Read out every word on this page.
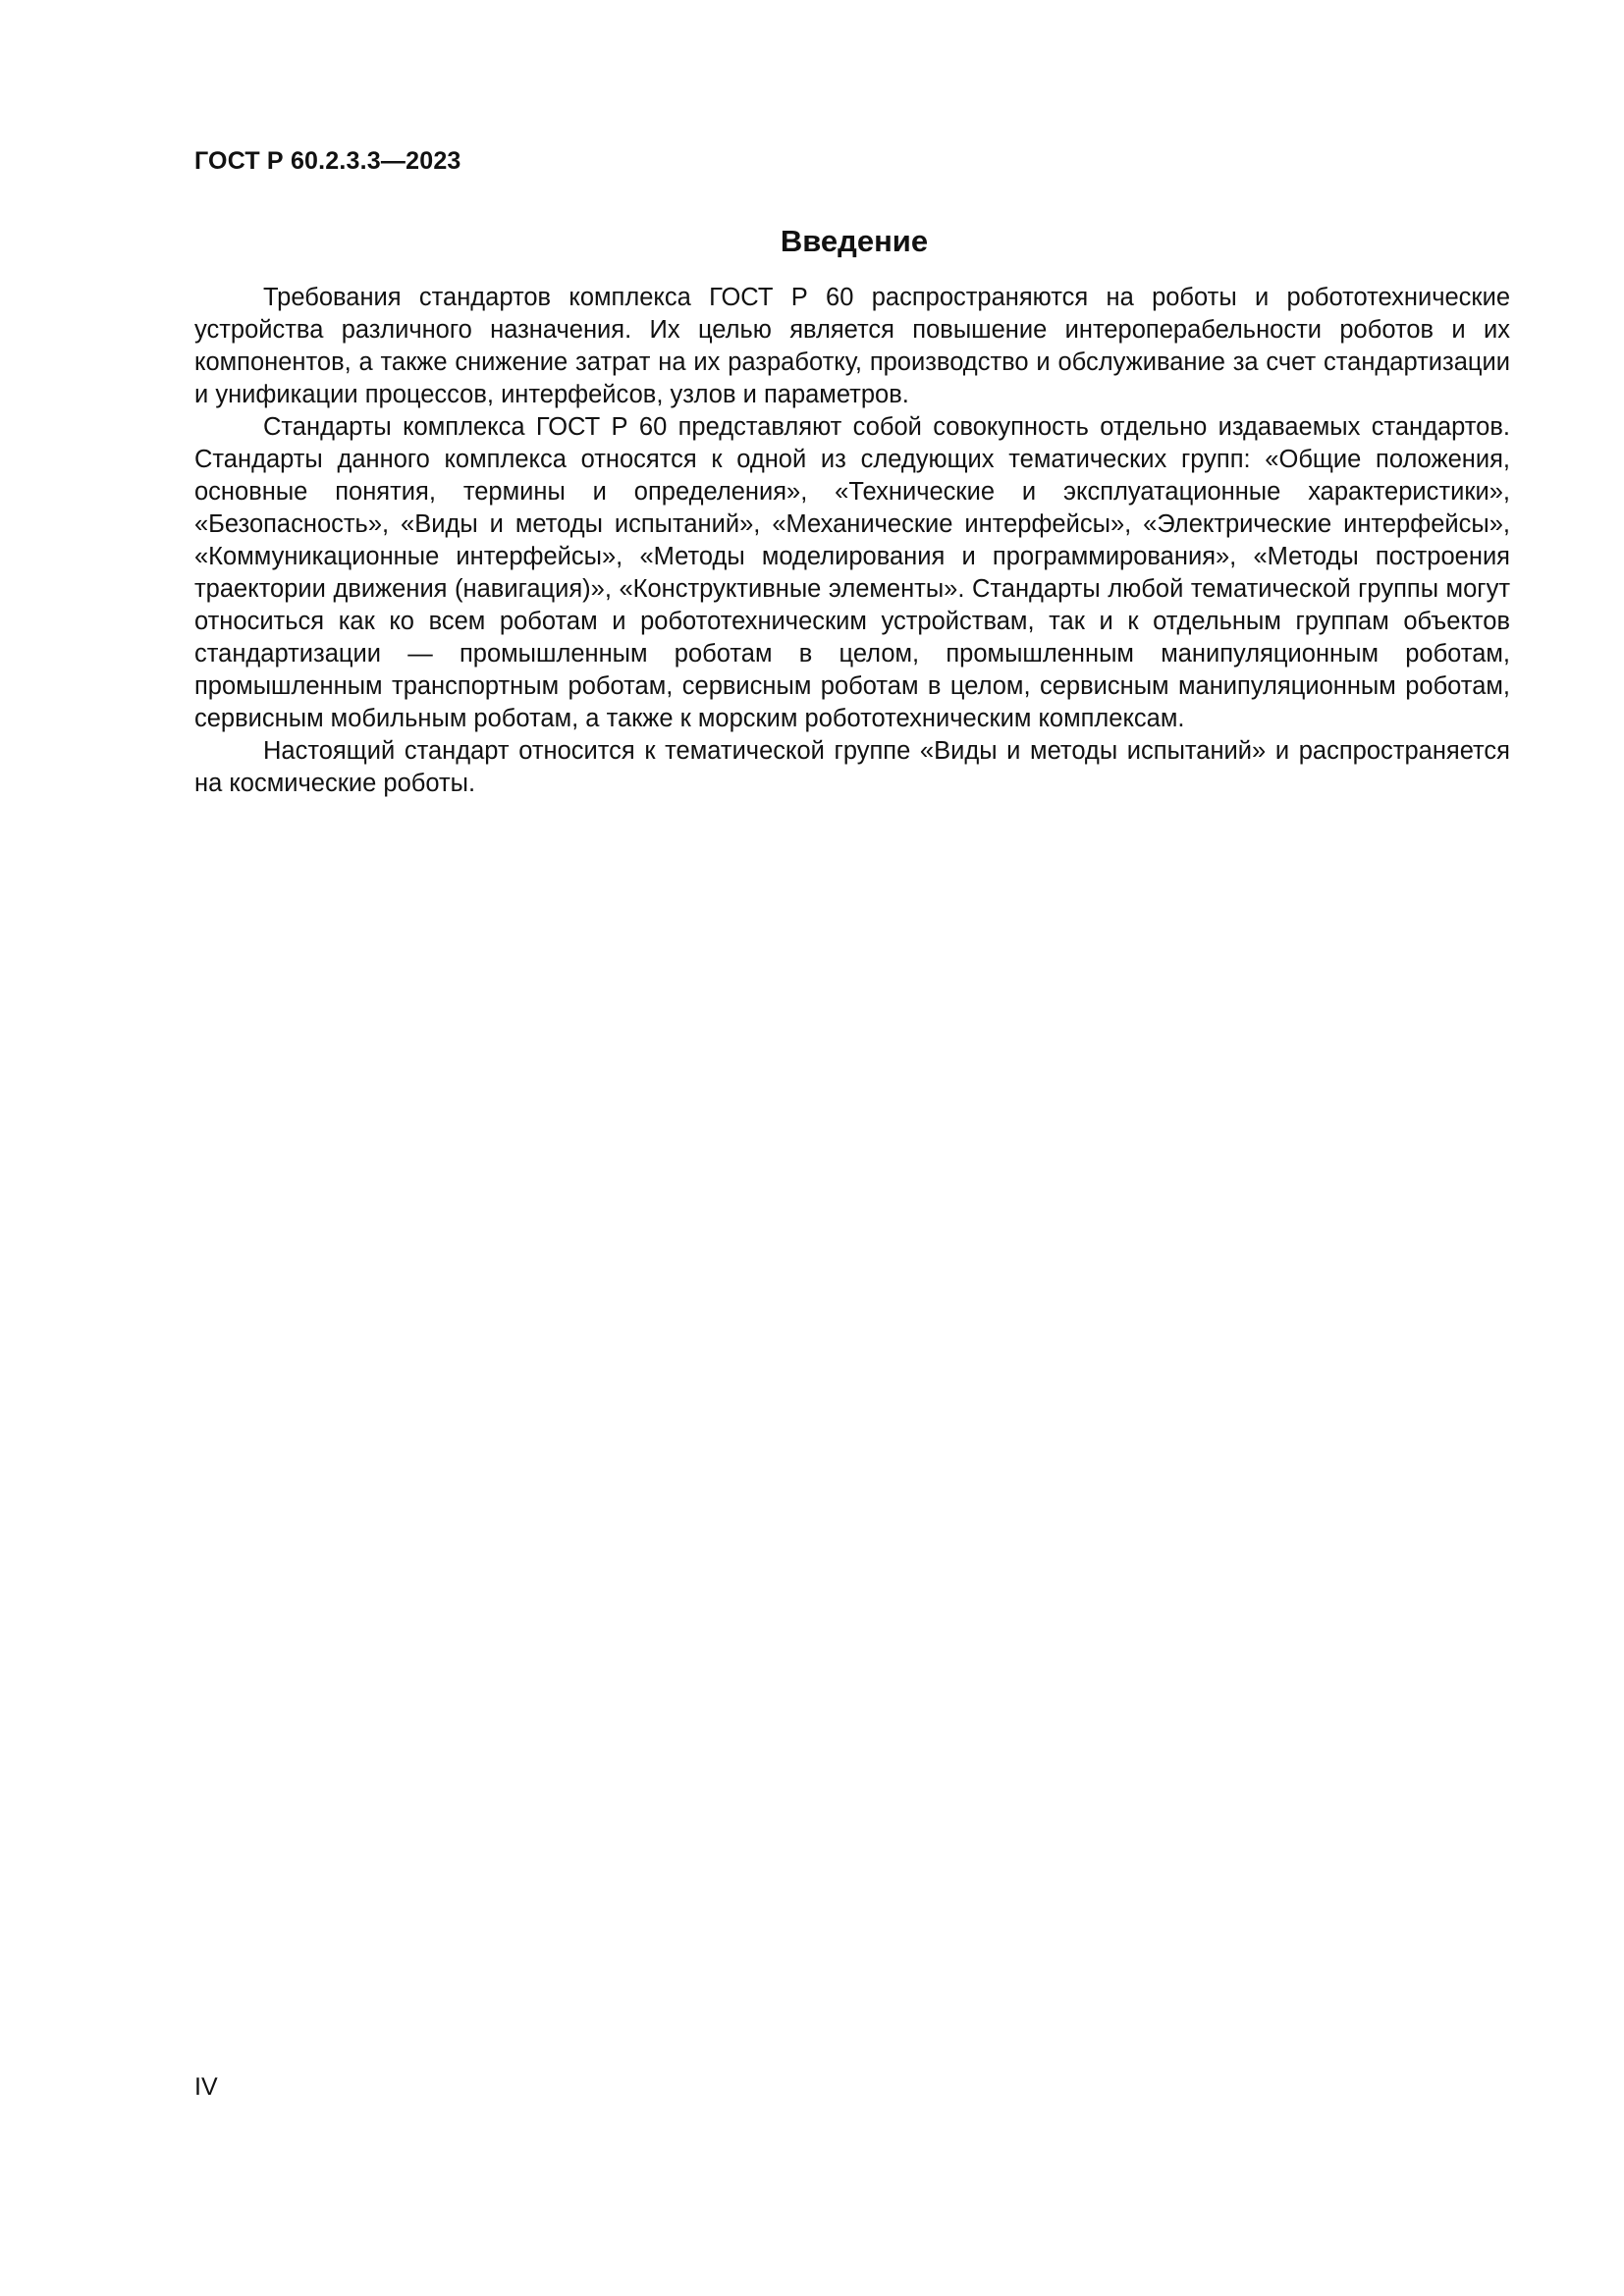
ГОСТ Р 60.2.3.3—2023
Введение

Требования стандартов комплекса ГОСТ Р 60 распространяются на роботы и робототехнические устройства различного назначения. Их целью является повышение интероперабельности роботов и их компонентов, а также снижение затрат на их разработку, производство и обслуживание за счет стандартизации и унификации процессов, интерфейсов, узлов и параметров.

Стандарты комплекса ГОСТ Р 60 представляют собой совокупность отдельно издаваемых стандартов. Стандарты данного комплекса относятся к одной из следующих тематических групп: «Общие положения, основные понятия, термины и определения», «Технические и эксплуатационные характеристики», «Безопасность», «Виды и методы испытаний», «Механические интерфейсы», «Электрические интерфейсы», «Коммуникационные интерфейсы», «Методы моделирования и программирования», «Методы построения траектории движения (навигация)», «Конструктивные элементы». Стандарты любой тематической группы могут относиться как ко всем роботам и робототехническим устройствам, так и к отдельным группам объектов стандартизации — промышленным роботам в целом, промышленным манипуляционным роботам, промышленным транспортным роботам, сервисным роботам в целом, сервисным манипуляционным роботам, сервисным мобильным роботам, а также к морским робототехническим комплексам.

Настоящий стандарт относится к тематической группе «Виды и методы испытаний» и распространяется на космические роботы.

IV
